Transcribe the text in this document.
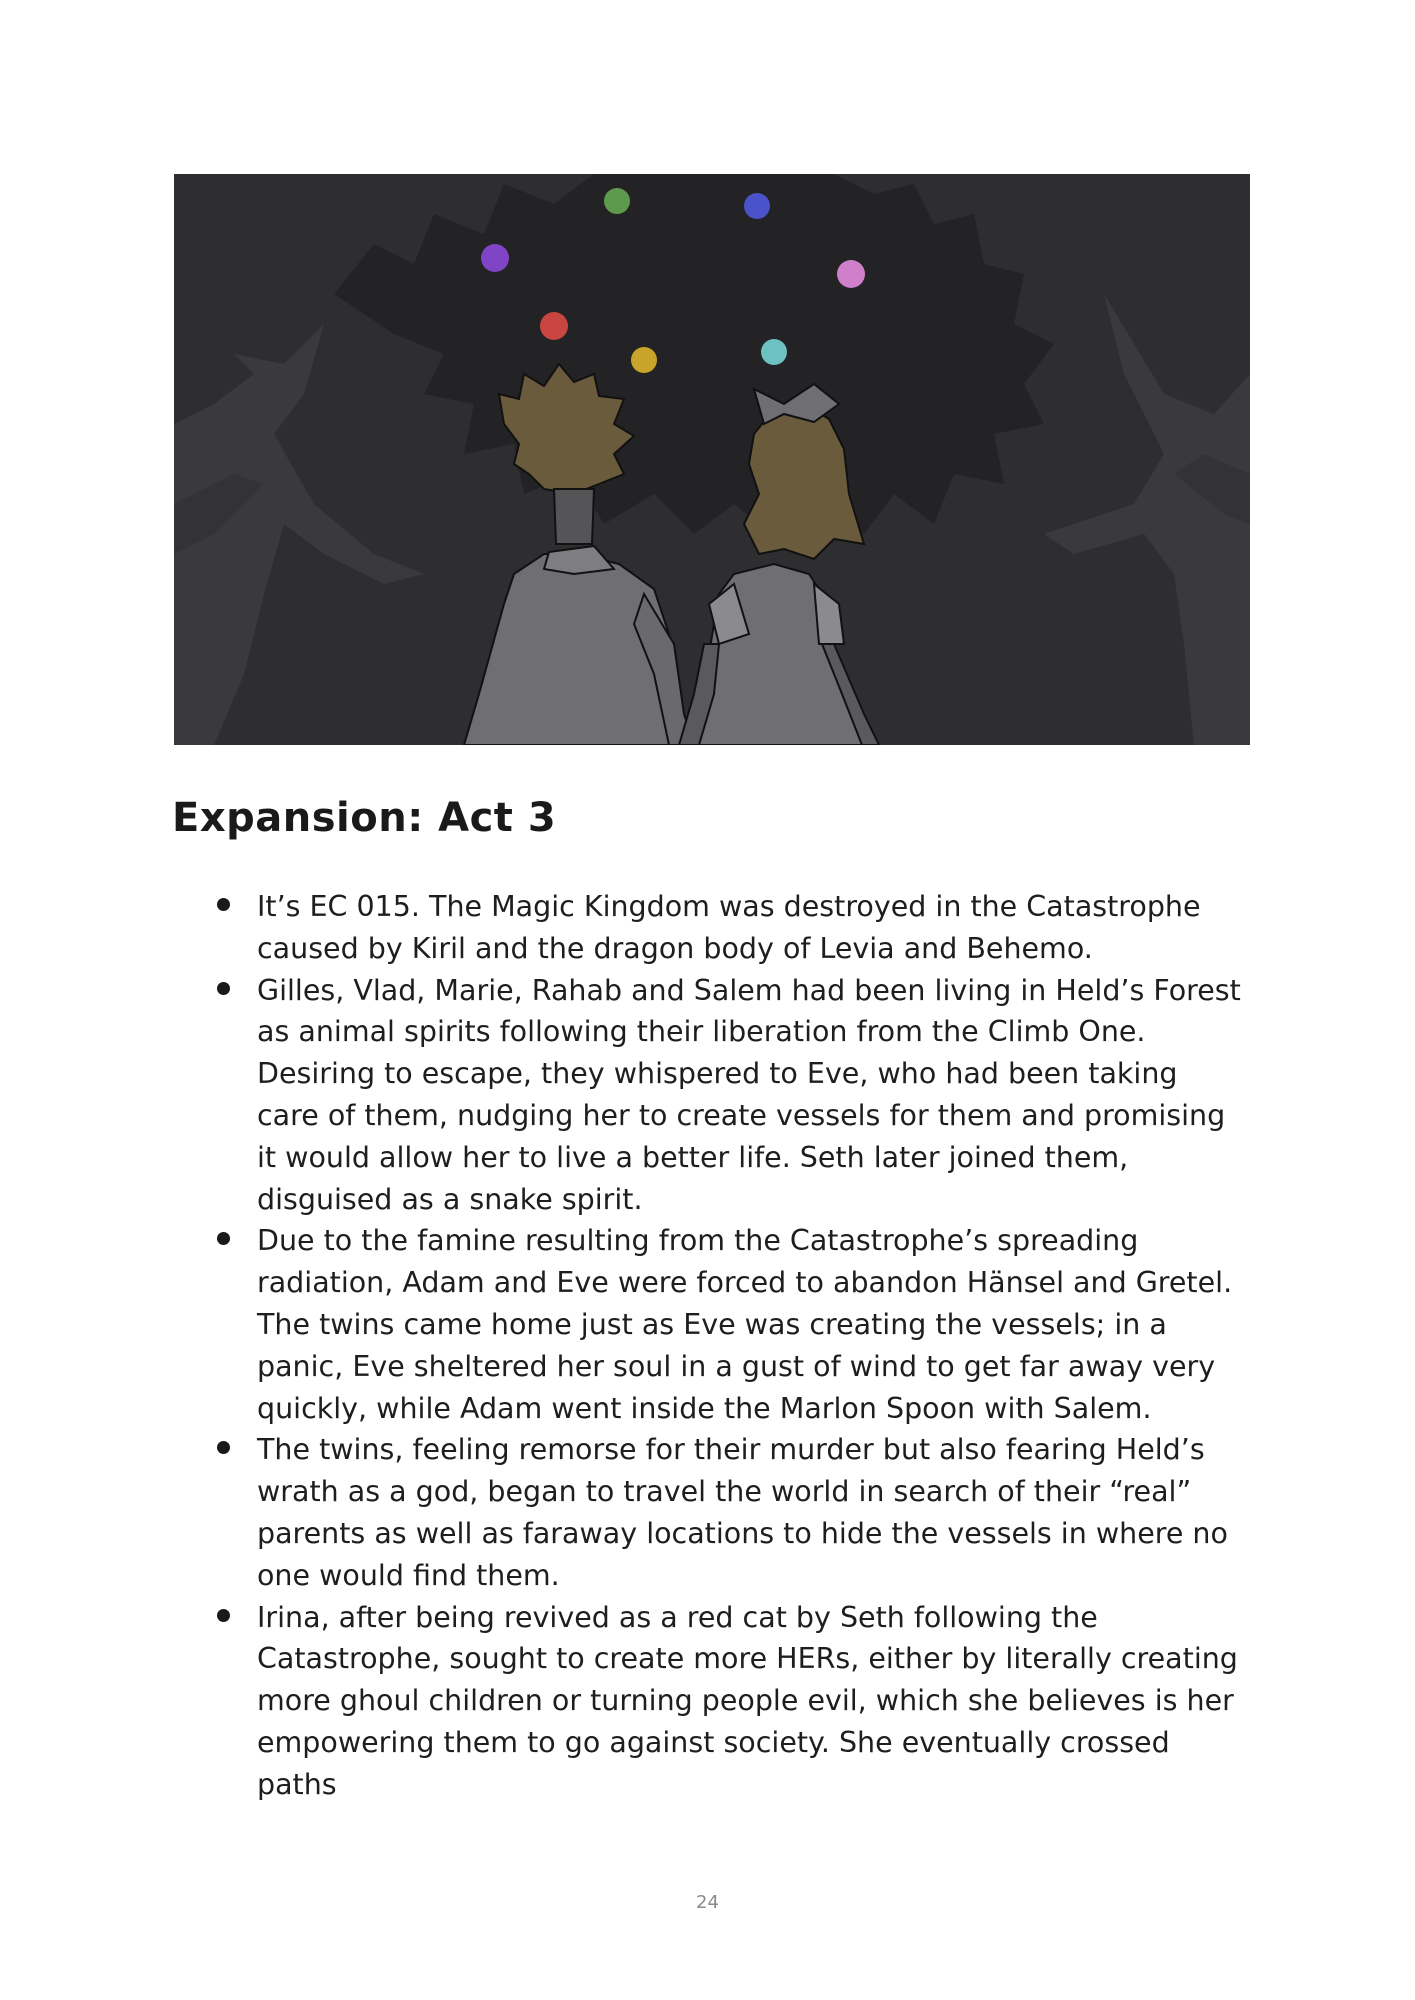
Expansion: Act 3
It’s EC 015. The Magic Kingdom was destroyed in the Catastrophe caused by Kiril and the dragon body of Levia and Behemo.
Gilles, Vlad, Marie, Rahab and Salem had been living in Held’s Forest as animal spirits following their liberation from the Climb One. Desiring to escape, they whispered to Eve, who had been taking care of them, nudging her to create vessels for them and promising it would allow her to live a better life. Seth later joined them, disguised as a snake spirit.
Due to the famine resulting from the Catastrophe’s spreading radiation, Adam and Eve were forced to abandon Hänsel and Gretel. The twins came home just as Eve was creating the vessels; in a panic, Eve sheltered her soul in a gust of wind to get far away very quickly, while Adam went inside the Marlon Spoon with Salem.
The twins, feeling remorse for their murder but also fearing Held’s wrath as a god, began to travel the world in search of their “real” parents as well as faraway locations to hide the vessels in where no one would find them.
Irina, after being revived as a red cat by Seth following the Catastrophe, sought to create more HERs, either by literally creating more ghoul children or turning people evil, which she believes is her empowering them to go against society. She eventually crossed paths
24
